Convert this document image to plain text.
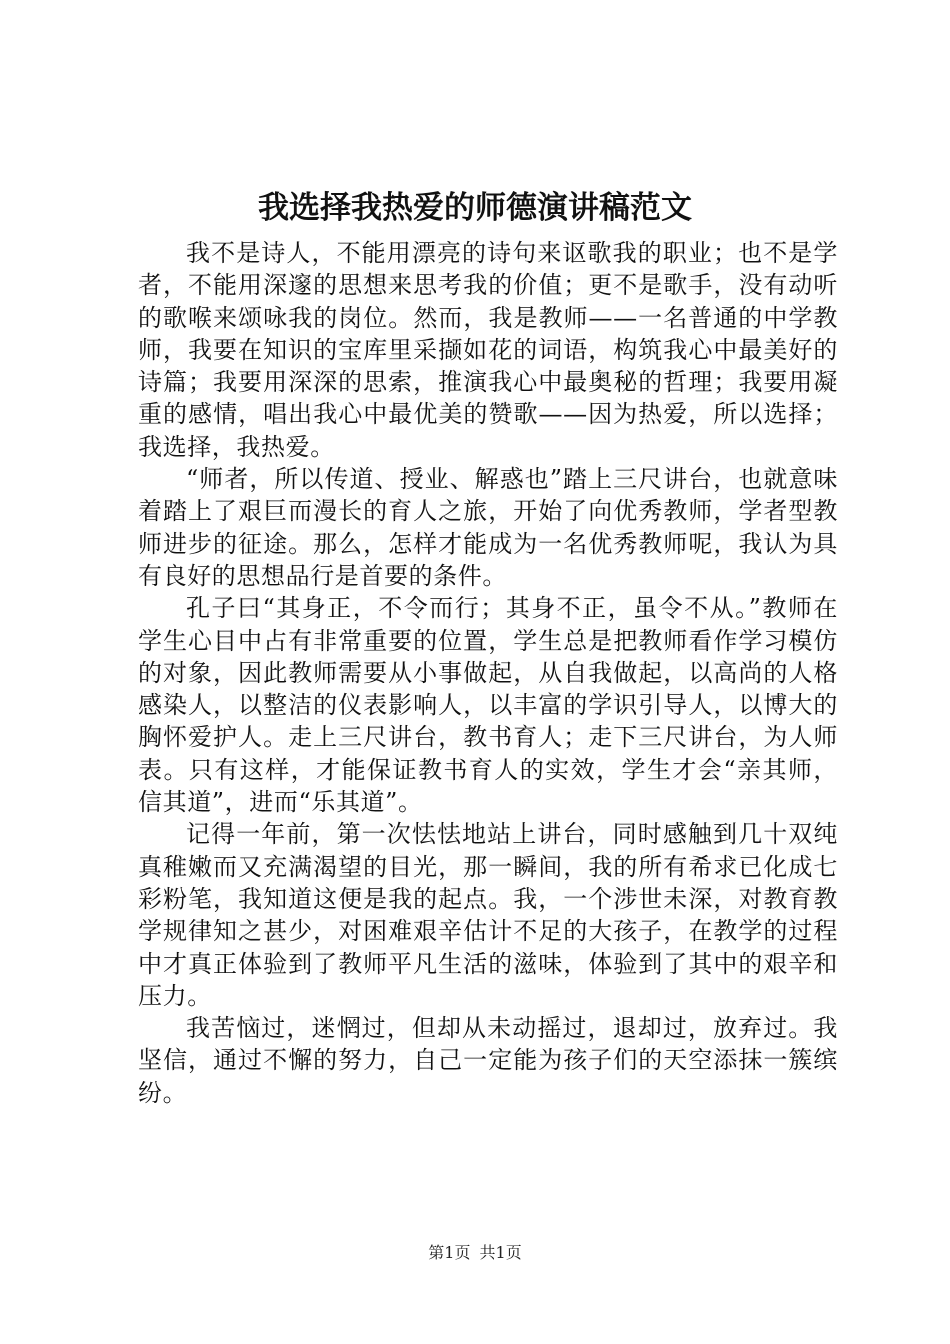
我选择我热爱的师德演讲稿范文

我不是诗人，不能用漂亮的诗句来讴歌我的职业；也不是学者，不能用深邃的思想来思考我的价值；更不是歌手，没有动听的歌喉来颂咏我的岗位。然而，我是教师——一名普通的中学教师，我要在知识的宝库里采撷如花的词语，构筑我心中最美好的诗篇；我要用深深的思索，推演我心中最奥秘的哲理；我要用凝重的感情，唱出我心中最优美的赞歌——因为热爱，所以选择；我选择，我热爱。

“师者，所以传道、授业、解惑也”踏上三尺讲台，也就意味着踏上了艰巨而漫长的育人之旅，开始了向优秀教师，学者型教师进步的征途。那么，怎样才能成为一名优秀教师呢，我认为具有良好的思想品行是首要的条件。

孔子曰“其身正，不令而行；其身不正，虽令不从。”教师在学生心目中占有非常重要的位置，学生总是把教师看作学习模仿的对象，因此教师需要从小事做起，从自我做起，以高尚的人格感染人，以整洁的仪表影响人，以丰富的学识引导人，以博大的胸怀爱护人。走上三尺讲台，教书育人；走下三尺讲台，为人师表。只有这样，才能保证教书育人的实效，学生才会“亲其师，信其道”，进而“乐其道”。

记得一年前，第一次怯怯地站上讲台，同时感触到几十双纯真稚嫩而又充满渴望的目光，那一瞬间，我的所有希求已化成七彩粉笔，我知道这便是我的起点。我，一个涉世未深，对教育教学规律知之甚少，对困难艰辛估计不足的大孩子，在教学的过程中才真正体验到了教师平凡生活的滋味，体验到了其中的艰辛和压力。

我苦恼过，迷惘过，但却从未动摇过，退却过，放弃过。我坚信，通过不懈的努力，自己一定能为孩子们的天空添抹一簇缤纷。

第1页 共1页
